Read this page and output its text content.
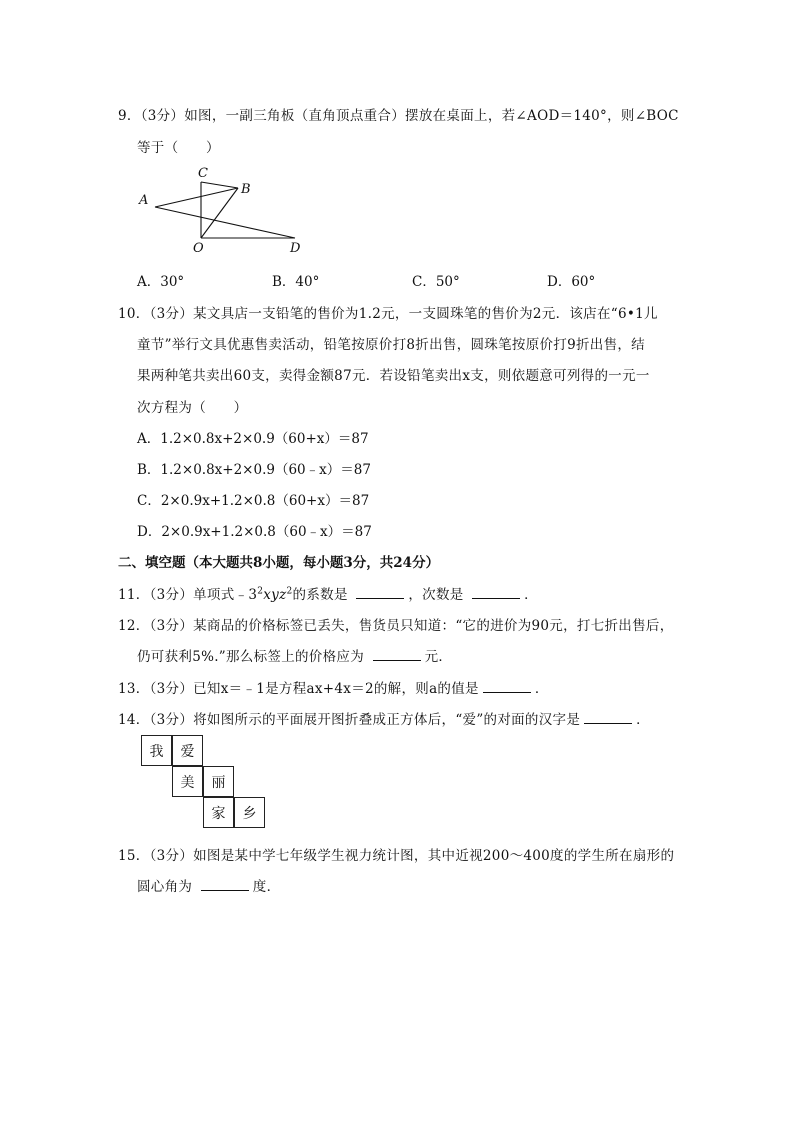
9．（3分）如图，一副三角板（直角顶点重合）摆放在桌面上，若∠AOD＝140°，则∠BOC
等于（　　）
C
B
A
O	D
A．30°	B．40°	C．50°	D．60°
10．（3分）某文具店一支铅笔的售价为1.2元，一支圆珠笔的售价为2元．该店在“6•1儿
童节”举行文具优惠售卖活动，铅笔按原价打8折出售，圆珠笔按原价打9折出售，结
果两种笔共卖出60支，卖得金额87元．若设铅笔卖出x支，则依题意可列得的一元一
次方程为（　　）
A．1.2×0.8x+2×0.9（60+x）＝87
B．1.2×0.8x+2×0.9（60﹣x）＝87
C．2×0.9x+1.2×0.8（60+x）＝87
D．2×0.9x+1.2×0.8（60﹣x）＝87
二、填空题（本大题共8小题，每小题3分，共24分）
11．（3分）单项式$﹣3^2xyz^2$的系数是	，次数是	．
12．（3分）某商品的价格标签已丢失，售货员只知道：“它的进价为90元，打七折出售后，
仍可获利5%.”那么标签上的价格应为	元．
13．（3分）已知x＝﹣1是方程ax+4x＝2的解，则a的值是	．
14．（3分）将如图所示的平面展开图折叠成正方体后，“爱”的对面的汉字是	．
我	爱
美	丽
家	乡
15．（3分）如图是某中学七年级学生视力统计图，其中近视200～400度的学生所在扇形的
圆心角为	度．
